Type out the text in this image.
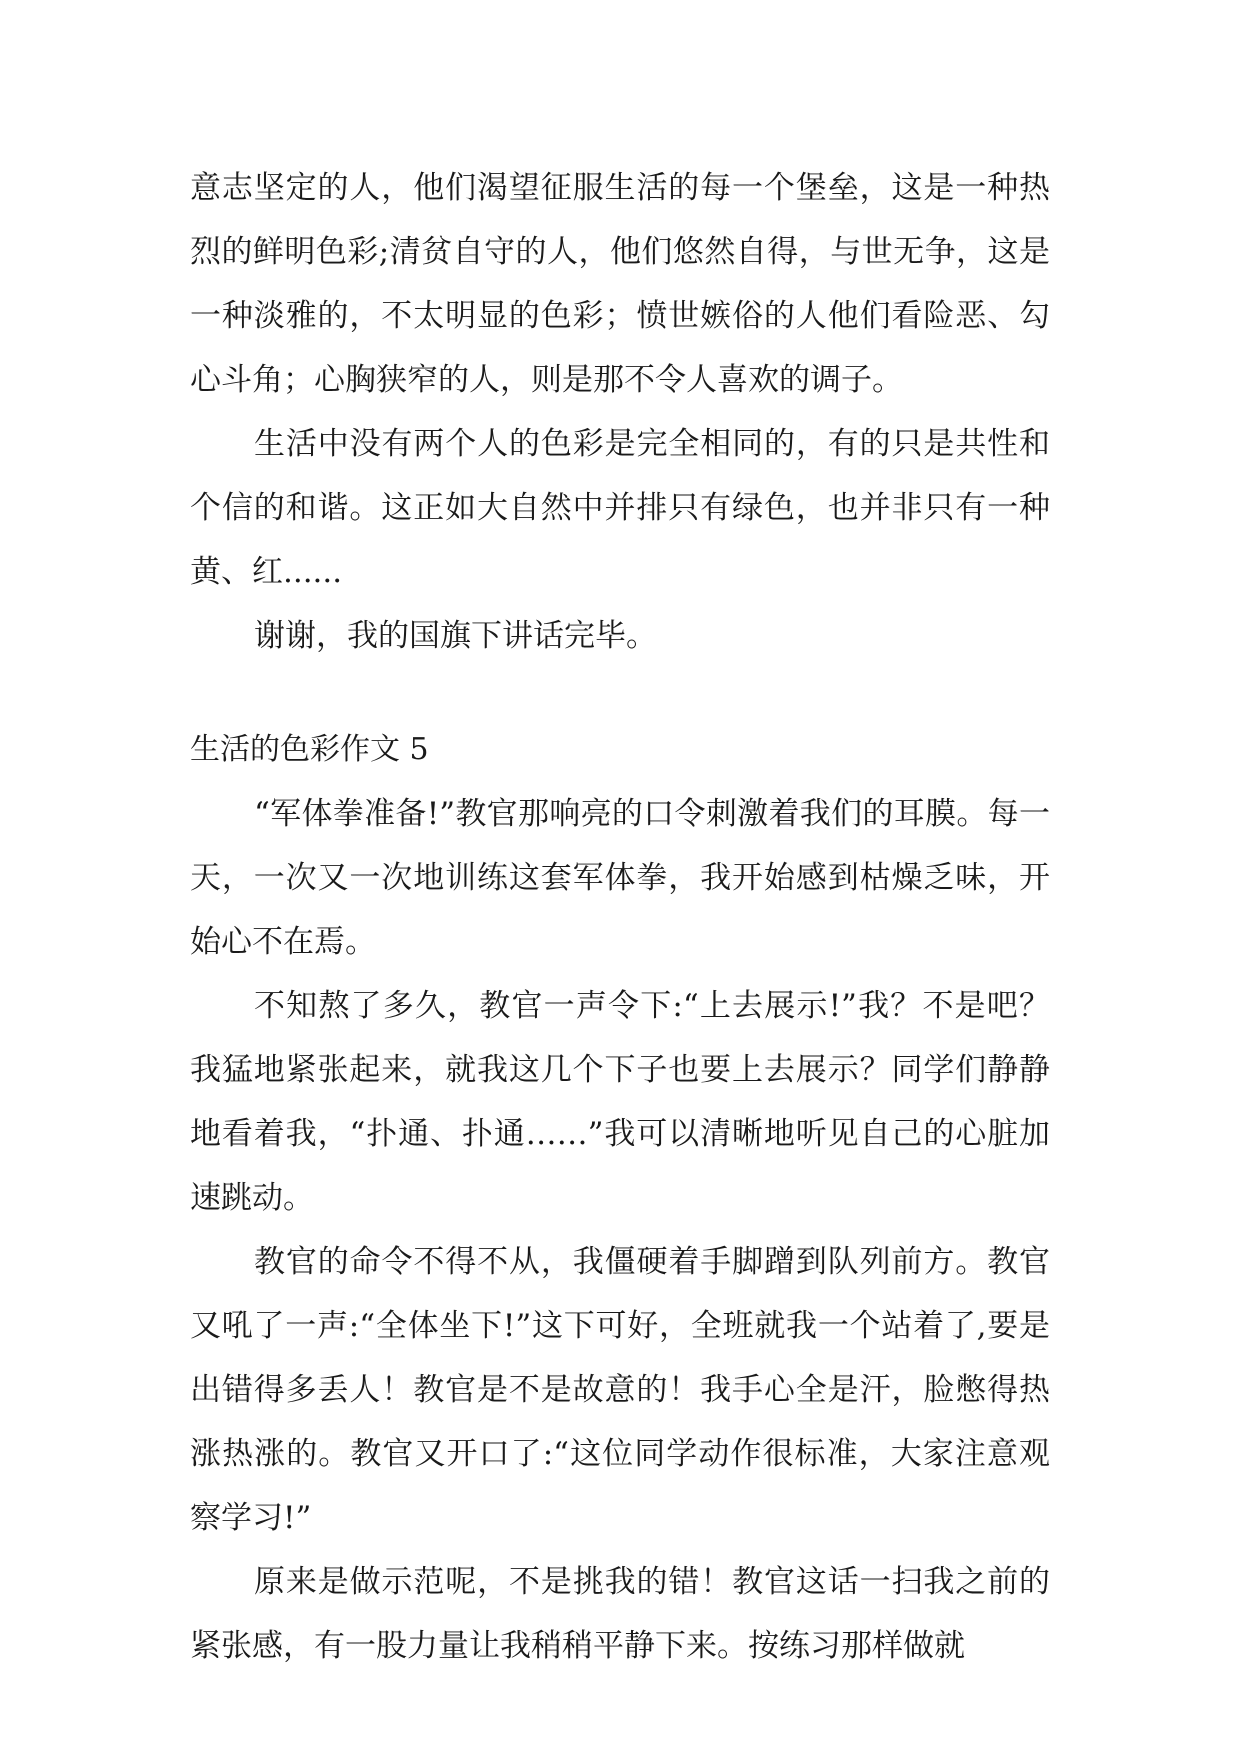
意志坚定的人，他们渴望征服生活的每一个堡垒，这是一种热烈的鲜明色彩;清贫自守的人，他们悠然自得，与世无争，这是一种淡雅的，不太明显的色彩；愤世嫉俗的人他们看险恶、勾心斗角；心胸狭窄的人，则是那不令人喜欢的调子。

生活中没有两个人的色彩是完全相同的，有的只是共性和个信的和谐。这正如大自然中并排只有绿色，也并非只有一种黄、红......

谢谢，我的国旗下讲话完毕。

生活的色彩作文 5

“军体拳准备!”教官那响亮的口令刺激着我们的耳膜。每一天，一次又一次地训练这套军体拳，我开始感到枯燥乏味，开始心不在焉。

不知熬了多久，教官一声令下:“上去展示!”我？不是吧？我猛地紧张起来，就我这几个下子也要上去展示？同学们静静地看着我，“扑通、扑通……”我可以清晰地听见自己的心脏加速跳动。

教官的命令不得不从，我僵硬着手脚蹭到队列前方。教官又吼了一声:“全体坐下!”这下可好，全班就我一个站着了,要是出错得多丢人！教官是不是故意的！我手心全是汗，脸憋得热涨热涨的。教官又开口了:“这位同学动作很标准，大家注意观察学习!”

原来是做示范呢，不是挑我的错！教官这话一扫我之前的紧张感，有一股力量让我稍稍平静下来。按练习那样做就
